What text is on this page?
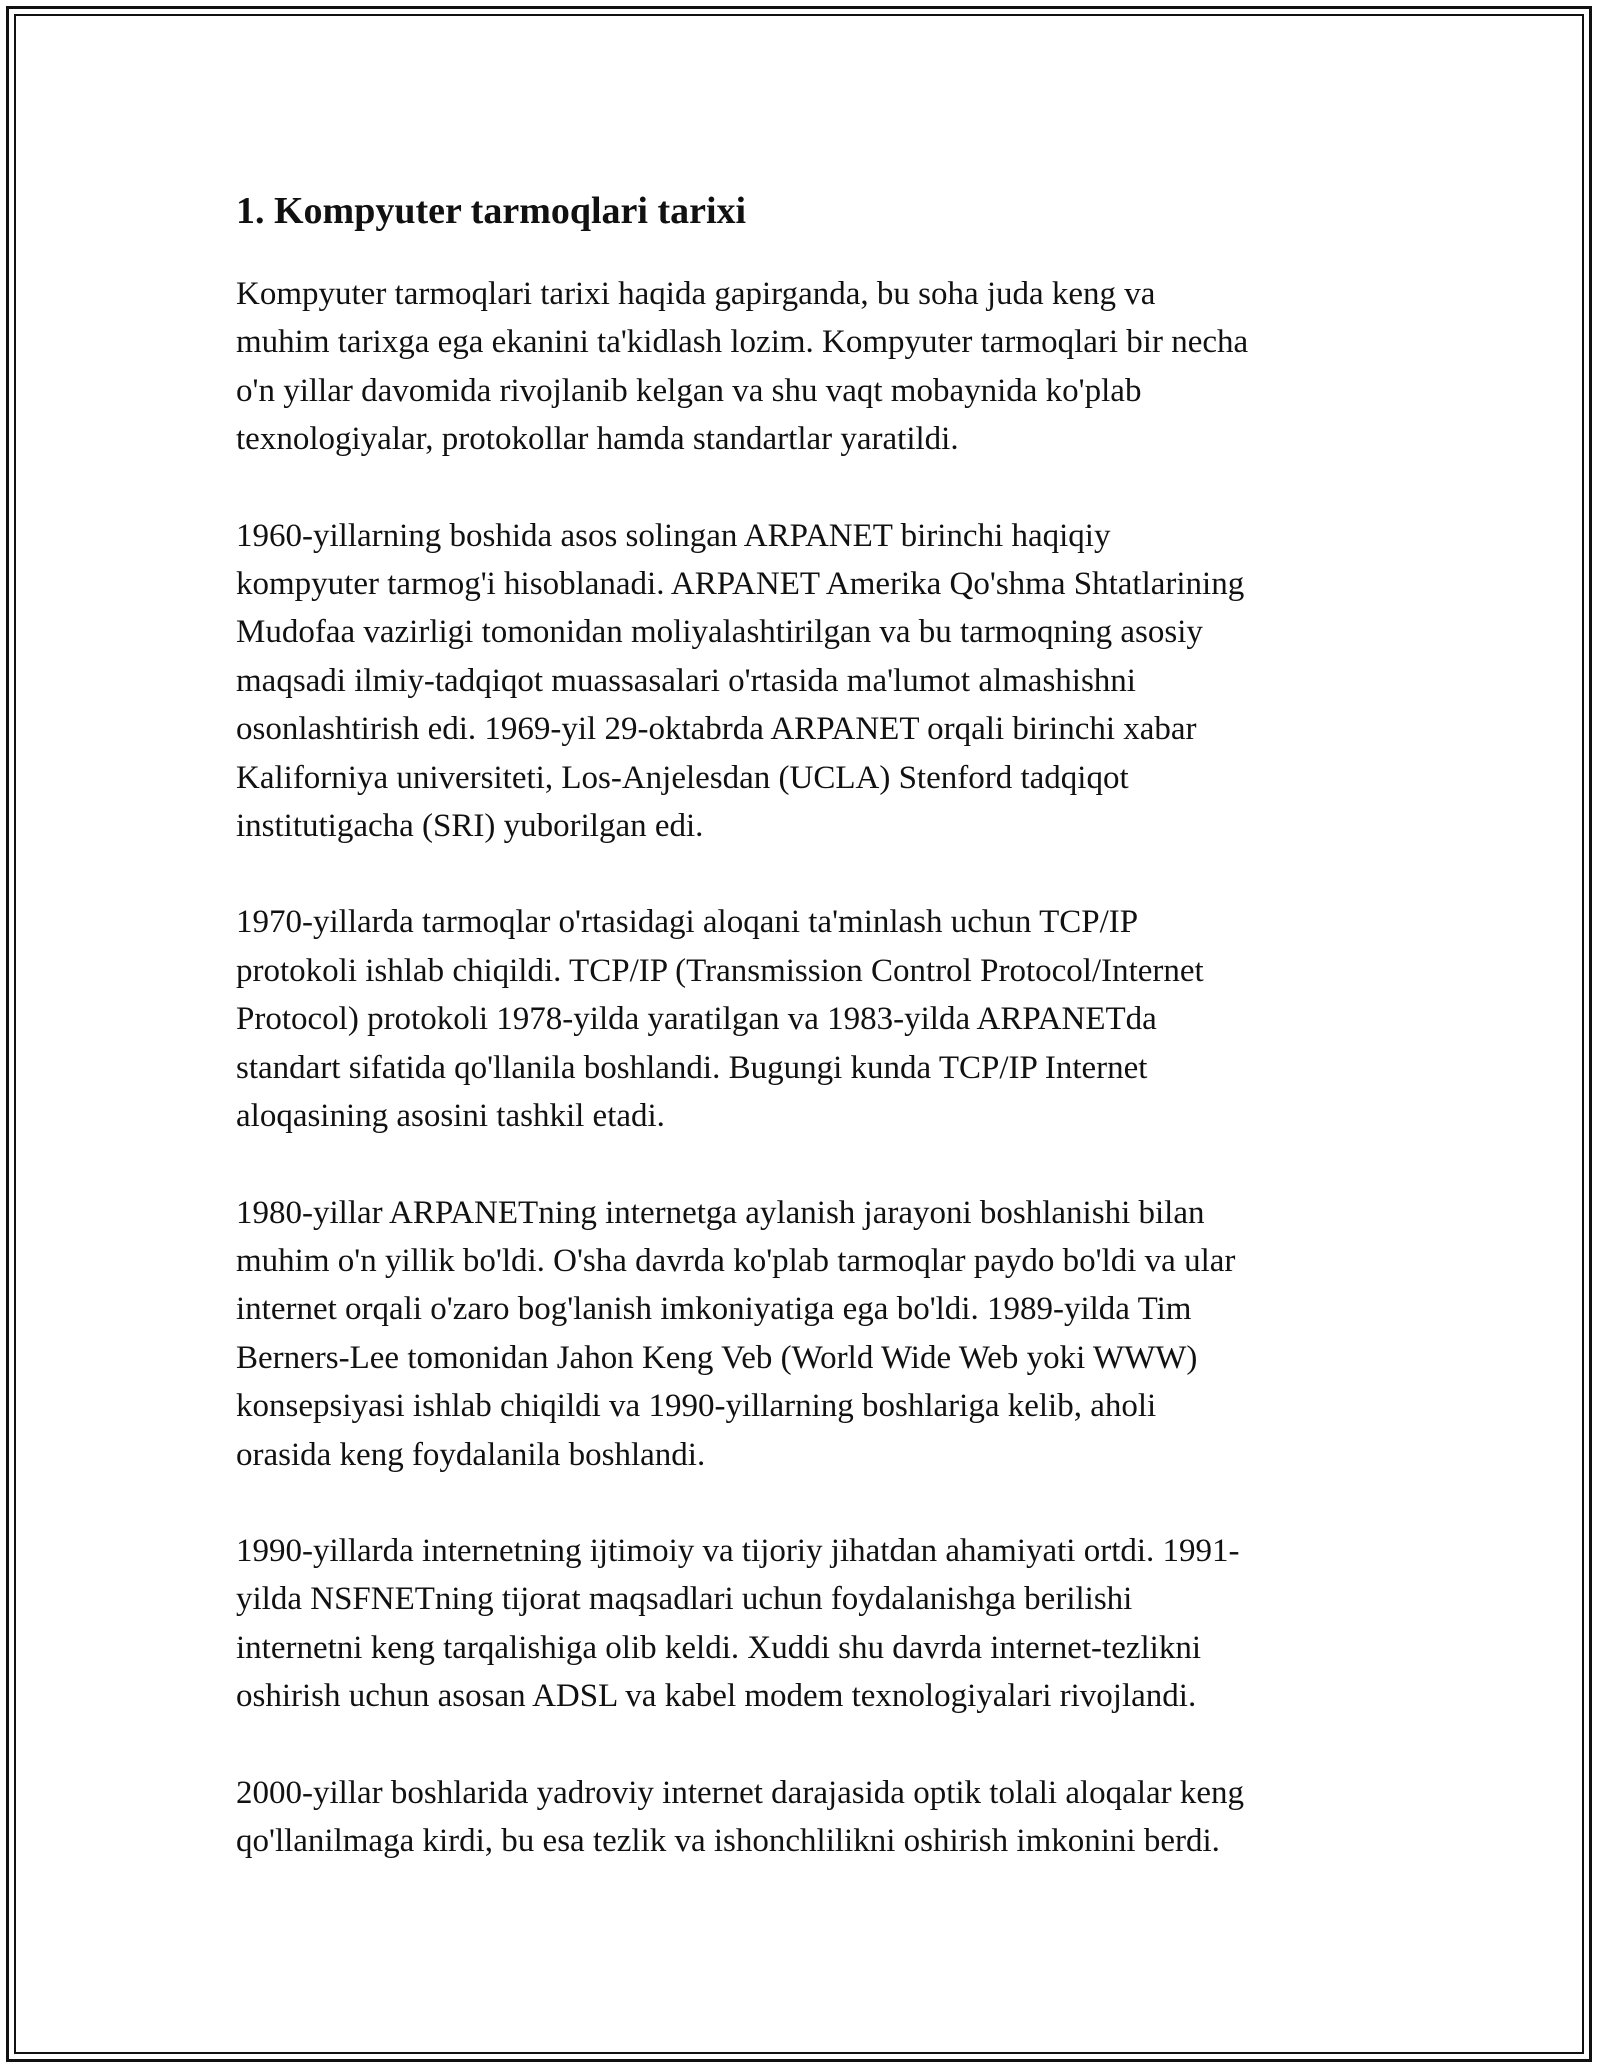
1. Kompyuter tarmoqlari tarixi

Kompyuter tarmoqlari tarixi haqida gapirganda, bu soha juda keng va
muhim tarixga ega ekanini ta'kidlash lozim. Kompyuter tarmoqlari bir necha
o'n yillar davomida rivojlanib kelgan va shu vaqt mobaynida ko'plab
texnologiyalar, protokollar hamda standartlar yaratildi.

1960-yillarning boshida asos solingan ARPANET birinchi haqiqiy
kompyuter tarmog'i hisoblanadi. ARPANET Amerika Qo'shma Shtatlarining
Mudofaa vazirligi tomonidan moliyalashtirilgan va bu tarmoqning asosiy
maqsadi ilmiy-tadqiqot muassasalari o'rtasida ma'lumot almashishni
osonlashtirish edi. 1969-yil 29-oktabrda ARPANET orqali birinchi xabar
Kaliforniya universiteti, Los-Anjelesdan (UCLA) Stenford tadqiqot
institutigacha (SRI) yuborilgan edi.

1970-yillarda tarmoqlar o'rtasidagi aloqani ta'minlash uchun TCP/IP
protokoli ishlab chiqildi. TCP/IP (Transmission Control Protocol/Internet
Protocol) protokoli 1978-yilda yaratilgan va 1983-yilda ARPANETda
standart sifatida qo'llanila boshlandi. Bugungi kunda TCP/IP Internet
aloqasining asosini tashkil etadi.

1980-yillar ARPANETning internetga aylanish jarayoni boshlanishi bilan
muhim o'n yillik bo'ldi. O'sha davrda ko'plab tarmoqlar paydo bo'ldi va ular
internet orqali o'zaro bog'lanish imkoniyatiga ega bo'ldi. 1989-yilda Tim
Berners-Lee tomonidan Jahon Keng Veb (World Wide Web yoki WWW)
konsepsiyasi ishlab chiqildi va 1990-yillarning boshlariga kelib, aholi
orasida keng foydalanila boshlandi.

1990-yillarda internetning ijtimoiy va tijoriy jihatdan ahamiyati ortdi. 1991-
yilda NSFNETning tijorat maqsadlari uchun foydalanishga berilishi
internetni keng tarqalishiga olib keldi. Xuddi shu davrda internet-tezlikni
oshirish uchun asosan ADSL va kabel modem texnologiyalari rivojlandi.

2000-yillar boshlarida yadroviy internet darajasida optik tolali aloqalar keng
qo'llanilmaga kirdi, bu esa tezlik va ishonchlilikni oshirish imkonini berdi.
